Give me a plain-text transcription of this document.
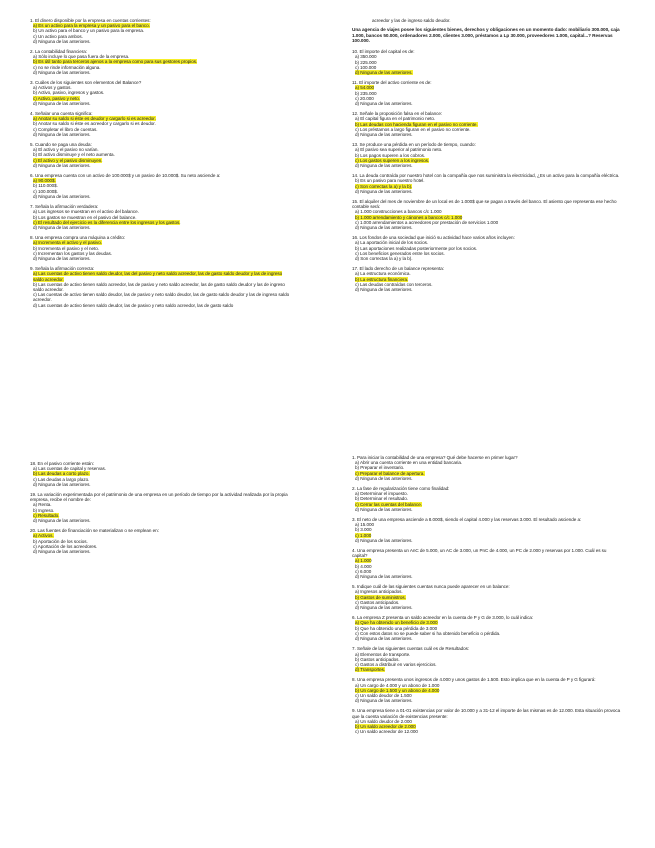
1. El dinero disponible por la empresa en cuentas corrientes:

a) Es un activo para la empresa y un pasivo para el banco.

b) Un activo para el banco y un pasivo para la empresa.

c) Un activo para ambos.

d) Ninguna de las anteriores.

2. La contabilidad financiera:

a) Sólo incluye lo que pasa fuera de la empresa.

b) Es útil tanto para terceros ajenos a la empresa como para sus gestores propios.

c) no se rinde información alguna.

d) Ninguna de las anteriores.

3. Cuáles de los siguientes son elementos del Balance?

a) Activos y gastos.

b) Activo, pasivo, ingresos y gastos.

c) Activo, pasivo y neto.

d) Ninguna de las anteriores.

4. Señalar una cuenta significa:

a) Anotar su saldo si éste es deudor y cargarlo si es acreedor.

b) Anotar su saldo si éste es acreedor y cargarlo si es deudor.

c) Completar el libro de cuentas.

d) Ninguna de las anteriores.

5. Cuando se paga una deuda:

a) El activo y el pasivo no varían.

b) El activo disminuye y el neto aumenta.

c) El activo y el pasivo disminuyen.

d) Ninguna de las anteriores.

6. Una empresa cuenta con un activo de 100.000$ y un pasivo de 10.000$. Su neto asciende a:

a) 90.000$.

b) 110.000$.

c) 100.000$.

d) Ninguna de las anteriores.

7. Señala la afirmación verdadera:

a) Los ingresos se muestran en el activo del balance.

b) Los gastos se muestran en el pasivo del balance.

c) El resultado del ejercicio es la diferencia entre los ingresos y los gastos.

d) Ninguna de las anteriores.

8. Una empresa compra una máquina a crédito:

a) Incrementa el activo y el pasivo.

b) Incrementa el pasivo y el neto.

c) Incrementan los gastos y las deudas.

d) Ninguna de las anteriores.

9. Señala la afirmación correcta:

a) Las cuentas de activo tienen saldo deudor, las del pasivo y neto saldo acreedor, las de gasto saldo deudor y las de ingreso saldo acreedor.

b) Las cuentas de activo tienen saldo acreedor, las de pasivo y neto saldo acreedor, las de gasto saldo deudor y las de ingreso saldo acreedor.

c) Las cuentas de activo tienen saldo deudor, las de pasivo y neto saldo deudor, las de gasto saldo deudor y las de ingreso saldo acreedor.

d) Las cuentas de activo tienen saldo deudor, las de pasivo y neto saldo acreedor, las de gasto saldo

acreedor y las de ingreso saldo deudor.

Una agencia de viajes posee los siguientes bienes, derechos y obligaciones en un momento dado: mobiliario 300.000, caja 1.000, bancos 50.000, ordenadores 2.000, clientes 3.000, préstamos a Lp 30.000, proveedores 1.000, capital...? Reservas 100.000.

10. El importe del capital es de:

a) 350.000

b) 225.000

c) 100.000

d) Ninguna de las anteriores.

11. El importe del activo corriente es de:

a) 54.000

b) 235.000

c) 20.000

d) Ninguna de las anteriores.

12. Señale la proposición falsa en el balance:

a) El capital figura en el patrimonio neto.

b) Las deudas con hacienda figuran en el pasivo no corriente.

c) Los préstamos a largo figuran en el pasivo no corriente.

d) Ninguna de las anteriores.

13. Se produce una pérdida en un período de tiempo, cuando:

a) El pasivo sea superior al patrimonio neto.

b) Los pagos superen a los cobros.

c) Los gastos superen a los ingresos.

d) Ninguna de las anteriores.

14. La deuda contraída por nuestro hotel con la compañía que nos suministra la electricidad, ¿Es un activo para la compañía eléctrica.

b) Es un pasivo para nuestro hotel.

c) Son correctas la a) y la b).

d) Ninguna de las anteriores.

15. El alquiler del mes de noviembre de un local es de 1.000$ que se pagan a través del banco. El asiento que representa ese hecho contable será:

a) 1.000 construcciones a bancos c/c 1.000

b) 1.000 arrendamiento y cánones a bancos c/c 1.000

c) 1.000 arrendamientos a acreedores por prestación de servicios 1.000

d) Ninguna de las anteriores.

16. Los fondos de una sociedad que inició su actividad hace varios años incluyen:

a) La aportación inicial de los socios.

b) Las aportaciones realizadas posteriormente por los socios.

c) Los beneficios generados entre los socios.

d) Son correctas la a) y la b).

17. El lado derecho de un balance representa:

a) La estructura económica.

b) La estructura financiera.

c) Las deudas contraídas con terceros.

d) Ninguna de las anteriores.

18. En el pasivo corriente están:

a) Las cuentas de capital y reservas.

b) Las deudas a corto plazo.

c) Las deudas a largo plazo.

d) Ninguna de las anteriores.

19. La variación experimentada por el patrimonio de una empresa en un período de tiempo por la actividad realizada por la propia empresa, recibe el nombre de:

a) Renta.

b) Ingreso.

c) Resultado.

d) Ninguna de las anteriores.

20. Las fuentes de financiación se materializan o se emplean en:

a) Activos.

b) Aportación de los socios.

c) Aportación de los acreedores.

d) Ninguna de las anteriores.

1. Para iniciar la contabilidad de una empresa? Qué debe hacerse en primer lugar?

a) Abrir una cuenta corriente en una entidad bancaria.

b) Preparar el inventario.

c) Preparar el balance de apertura.

d) Ninguna de las anteriores.

2. La fase de regularización tiene como finalidad:

a) Determinar el impuesto.

b) Determinar el resultado.

c) Cerrar las cuentas del balance.

d) Ninguna de las anteriores.

3. El neto de una empresa asciende a 8.000$, siendo el capital 4.000 y las reservas 3.000. El resultado asciende a:

a) 15.000

b) 3.000

c) 1.000

d) Ninguna de las anteriores.

4. Una empresa presenta un AnC de 5.000, un AC de 3.000, un PnC de 4.000, un PC de 2.000 y reservas por 1.000. Cuál es su capital?

a) 1.000

b) 4.000

c) 6.000

d) Ninguna de las anteriores.

5. Indique cuál de las siguientes cuentas nunca puede aparecer en un balance:

a) Ingresos anticipados.

b) Gastos de suministros.

c) Gastos anticipados.

d) Ninguna de las anteriores.

6. La empresa Z presenta un saldo acreedor en la cuenta de P y G de 3.000, lo cuál indica:

a) Que ha obtenido un beneficio de 3.000

b) Que ha obtenido una pérdida de 3.000

c) Con estos datos no se puede saber si ha obtenido beneficio o pérdida.

d) Ninguna de las anteriores.

7. Señale de las siguientes cuentas cuál es de Resultados:

a) Elementos de transporte.

b) Gastos anticipados.

c) Gastos a distribuir en varios ejercicios.

d) Transportes.

8. Una empresa presenta unos ingresos de 4.000 y unos gastos de 1.500. Esto implica que en la cuenta de P y G figurará:

a) Un cargo de 4.000 y un abono de 1.000

b) Un cargo de 1.500 y un abono de 4.000

c) Un saldo deudor de 1.500

d) Ninguna de las anteriores.

9. Una empresa tiene a 01-01 existencias por valor de 10.000 y a 31-12 el importe de las mismas es de 12.000. Esta situación provoca que la cuenta variación de existencias presente:

a) Un saldo deudor de 2.000

b) Un saldo acreedor de 2.000

c) Un saldo acreedor de 12.000
